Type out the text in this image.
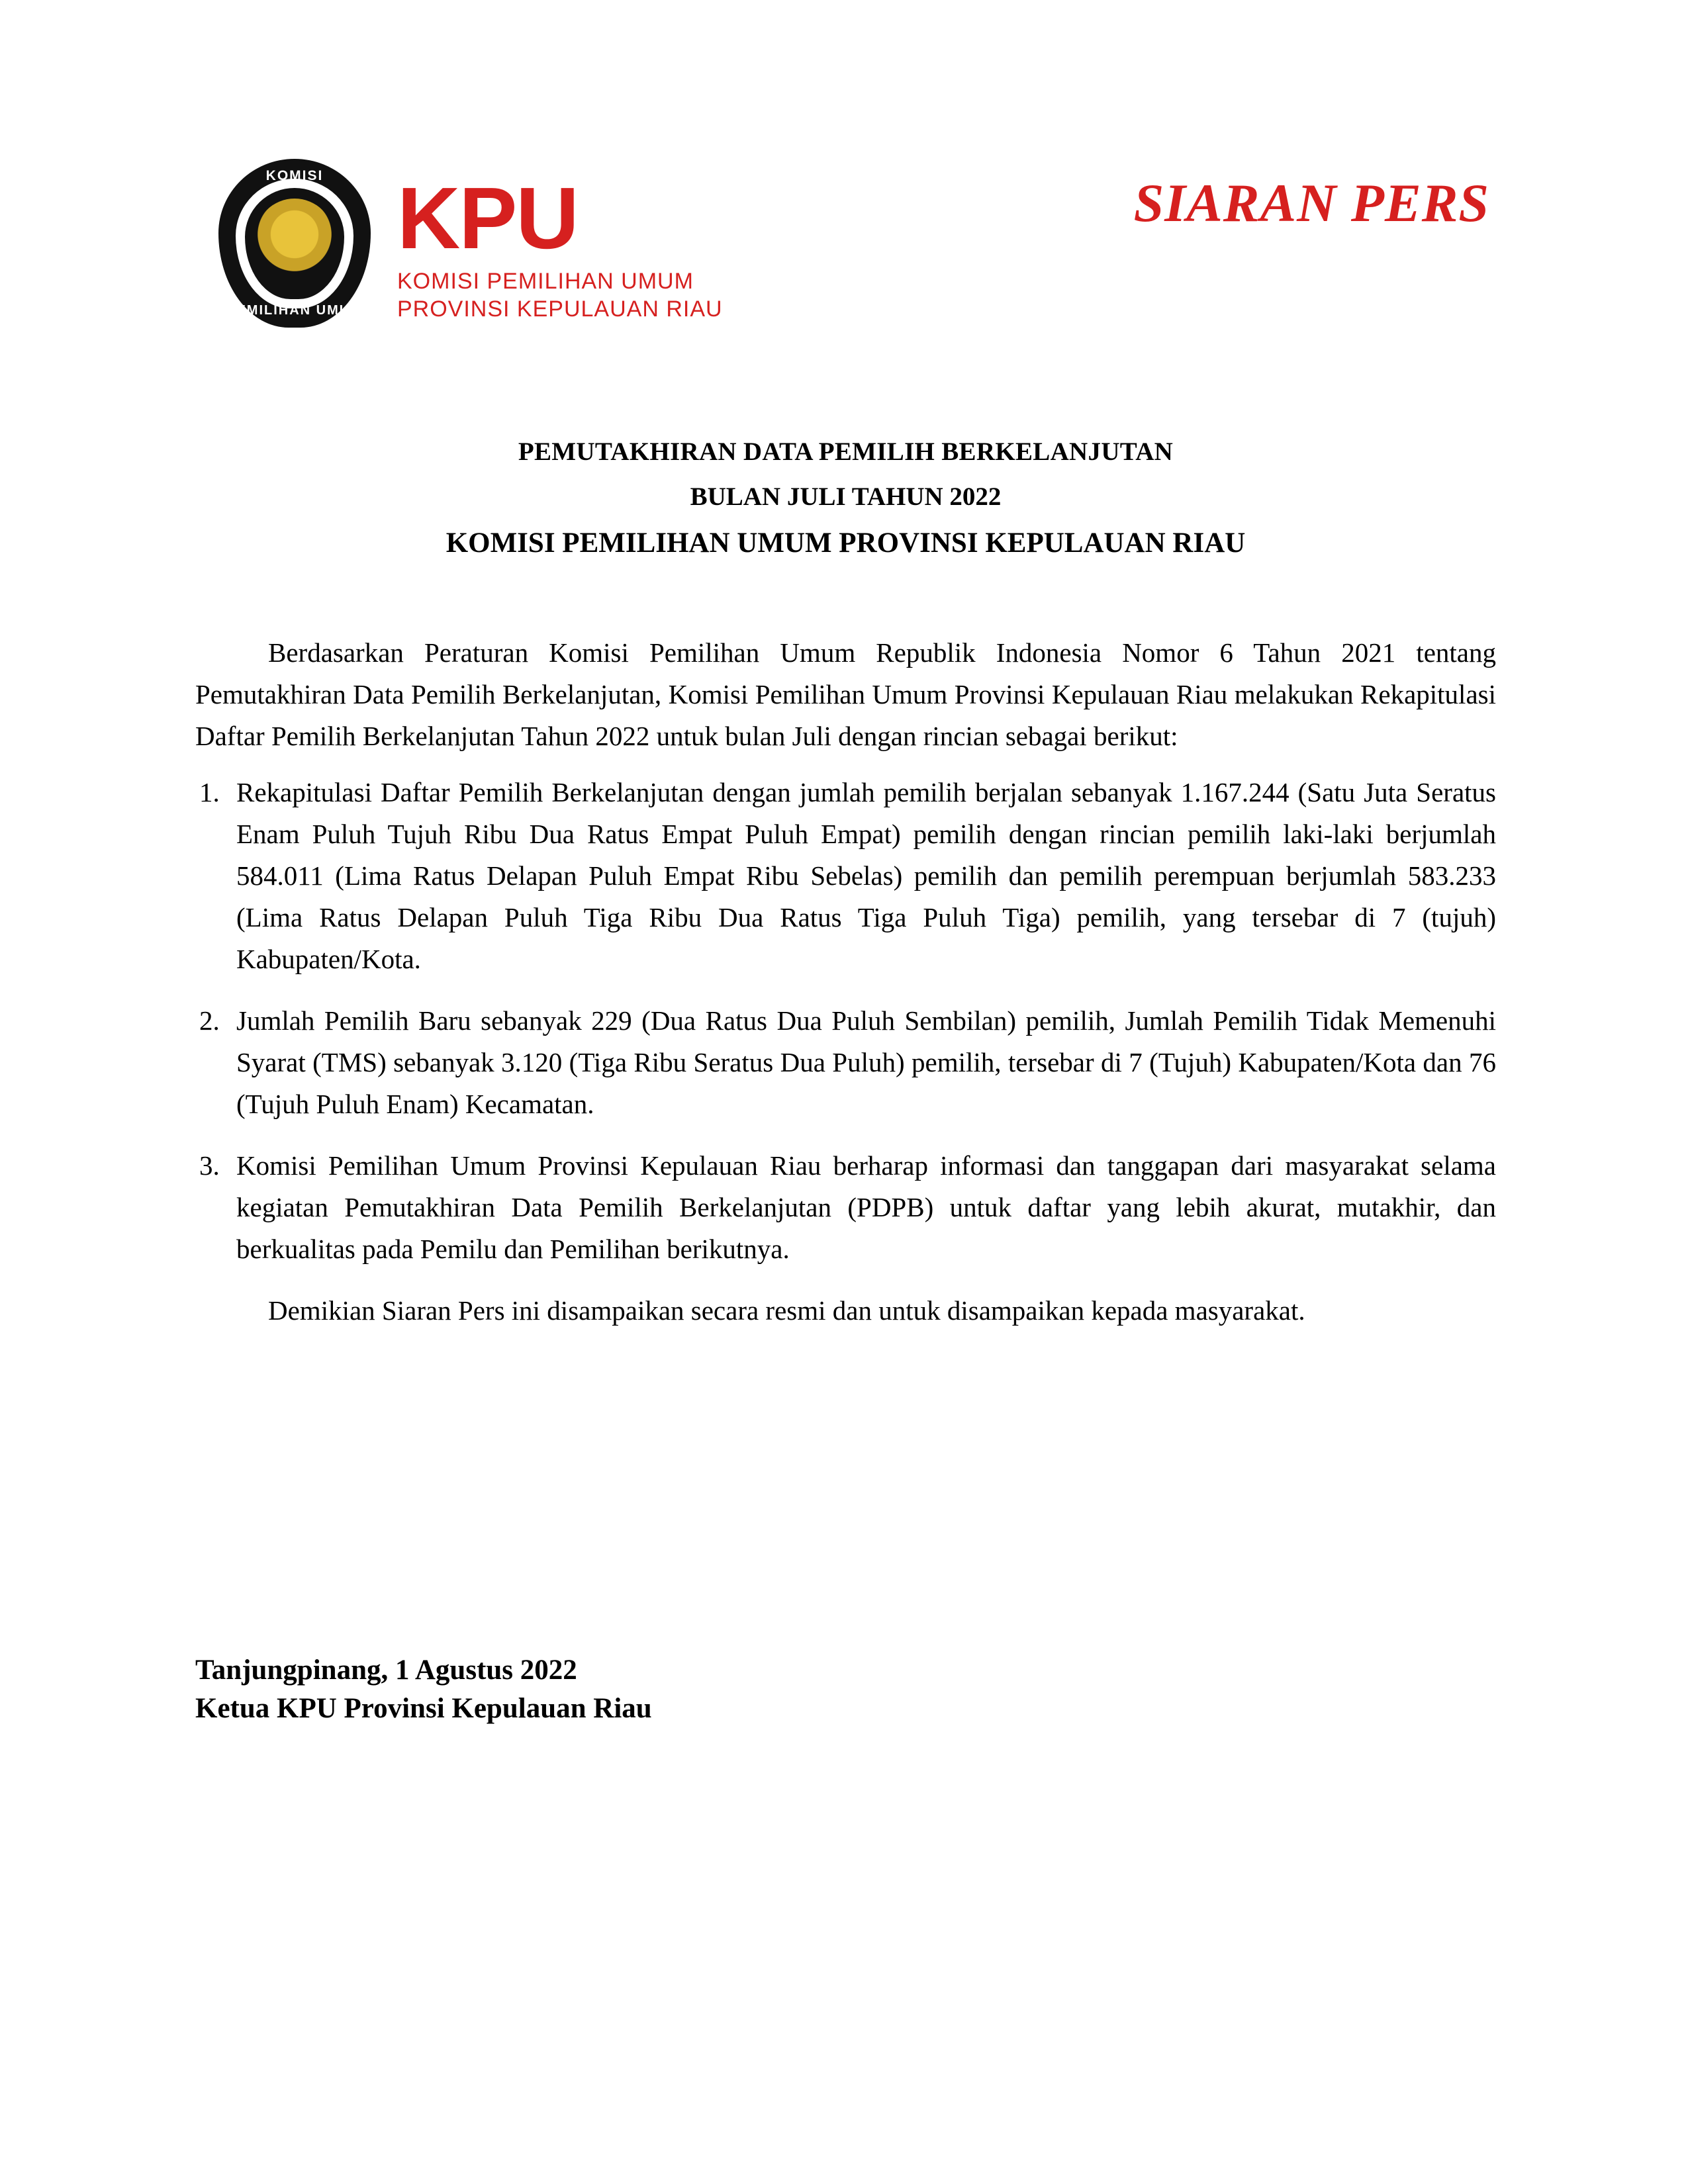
KOMISI
PEMILIHAN UMUM
KPU
KOMISI PEMILIHAN UMUM
PROVINSI KEPULAUAN RIAU
SIARAN PERS
PEMUTAKHIRAN DATA PEMILIH BERKELANJUTAN
BULAN JULI TAHUN 2022
KOMISI PEMILIHAN UMUM PROVINSI KEPULAUAN RIAU

Berdasarkan Peraturan Komisi Pemilihan Umum Republik Indonesia Nomor 6 Tahun 2021 tentang Pemutakhiran Data Pemilih Berkelanjutan, Komisi Pemilihan Umum Provinsi Kepulauan Riau melakukan Rekapitulasi Daftar Pemilih Berkelanjutan Tahun 2022 untuk bulan Juli dengan rincian sebagai berikut:

Rekapitulasi Daftar Pemilih Berkelanjutan dengan jumlah pemilih berjalan sebanyak 1.167.244 (Satu Juta Seratus Enam Puluh Tujuh Ribu Dua Ratus Empat Puluh Empat) pemilih dengan rincian pemilih laki-laki berjumlah 584.011 (Lima Ratus Delapan Puluh Empat Ribu Sebelas) pemilih dan pemilih perempuan berjumlah 583.233 (Lima Ratus Delapan Puluh Tiga Ribu Dua Ratus Tiga Puluh Tiga) pemilih, yang tersebar di 7 (tujuh) Kabupaten/Kota.
Jumlah Pemilih Baru sebanyak 229 (Dua Ratus Dua Puluh Sembilan) pemilih, Jumlah Pemilih Tidak Memenuhi Syarat (TMS) sebanyak 3.120 (Tiga Ribu Seratus Dua Puluh) pemilih, tersebar di 7 (Tujuh) Kabupaten/Kota dan 76 (Tujuh Puluh Enam) Kecamatan.
Komisi Pemilihan Umum Provinsi Kepulauan Riau berharap informasi dan tanggapan dari masyarakat selama kegiatan Pemutakhiran Data Pemilih Berkelanjutan (PDPB) untuk daftar yang lebih akurat, mutakhir, dan berkualitas pada Pemilu dan Pemilihan berikutnya.

Demikian Siaran Pers ini disampaikan secara resmi dan untuk disampaikan kepada masyarakat.

Tanjungpinang, 1 Agustus 2022
Ketua KPU Provinsi Kepulauan Riau
